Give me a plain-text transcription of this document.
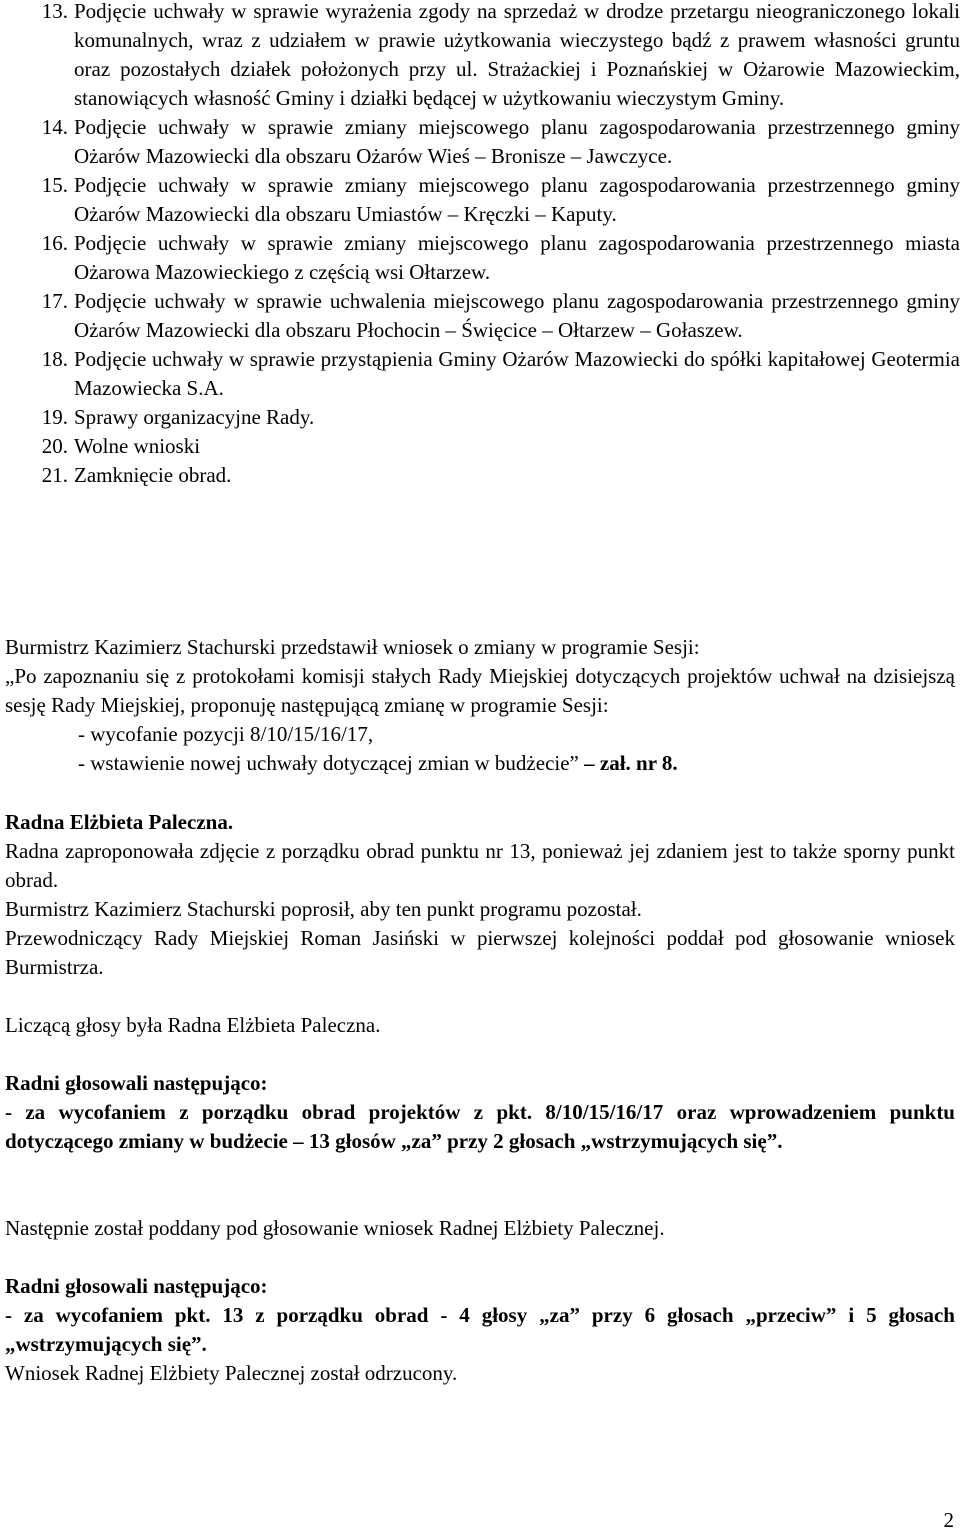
13. Podjęcie uchwały w sprawie wyrażenia zgody na sprzedaż w drodze przetargu nieograniczonego lokali komunalnych, wraz z udziałem w prawie użytkowania wieczystego bądź z prawem własności gruntu oraz pozostałych działek położonych przy ul. Strażackiej i Poznańskiej w Ożarowie Mazowieckim, stanowiących własność Gminy i działki będącej w użytkowaniu wieczystym Gminy.
14. Podjęcie uchwały w sprawie zmiany miejscowego planu zagospodarowania przestrzennego gminy Ożarów Mazowiecki dla obszaru Ożarów Wieś – Bronisze – Jawczyce.
15. Podjęcie uchwały w sprawie zmiany miejscowego planu zagospodarowania przestrzennego gminy Ożarów Mazowiecki dla obszaru Umiastów – Kręczki – Kaputy.
16. Podjęcie uchwały w sprawie zmiany miejscowego planu zagospodarowania przestrzennego miasta Ożarowa Mazowieckiego z częścią wsi Ołtarzew.
17. Podjęcie uchwały w sprawie uchwalenia miejscowego planu zagospodarowania przestrzennego gminy Ożarów Mazowiecki dla obszaru Płochocin – Święcice – Ołtarzew – Gołaszew.
18. Podjęcie uchwały w sprawie przystąpienia Gminy Ożarów Mazowiecki do spółki kapitałowej Geotermia Mazowiecka S.A.
19. Sprawy organizacyjne Rady.
20. Wolne wnioski
21. Zamknięcie obrad.

Burmistrz Kazimierz Stachurski przedstawił wniosek o zmiany w programie Sesji:

„Po zapoznaniu się z protokołami komisji stałych Rady Miejskiej dotyczących projektów uchwał na dzisiejszą sesję Rady Miejskiej, proponuję następującą zmianę w programie Sesji:

- wycofanie pozycji 8/10/15/16/17,

- wstawienie nowej uchwały dotyczącej zmian w budżecie” – zał. nr 8.

Radna Elżbieta Paleczna.

Radna zaproponowała zdjęcie z porządku obrad punktu nr 13, ponieważ jej zdaniem jest to także sporny punkt obrad.

Burmistrz Kazimierz Stachurski poprosił, aby ten punkt programu pozostał.

Przewodniczący Rady Miejskiej Roman Jasiński w pierwszej kolejności poddał pod głosowanie wniosek Burmistrza.

Liczącą głosy była Radna Elżbieta Paleczna.

Radni głosowali następująco:

- za wycofaniem z porządku obrad projektów z pkt. 8/10/15/16/17 oraz wprowadzeniem punktu dotyczącego zmiany w budżecie – 13 głosów „za” przy 2 głosach „wstrzymujących się”.

Następnie został poddany pod głosowanie wniosek Radnej Elżbiety Palecznej.

Radni głosowali następująco:

- za wycofaniem pkt. 13 z porządku obrad - 4 głosy „za” przy 6 głosach „przeciw” i 5 głosach „wstrzymujących się”.

Wniosek Radnej Elżbiety Palecznej został odrzucony.

2
